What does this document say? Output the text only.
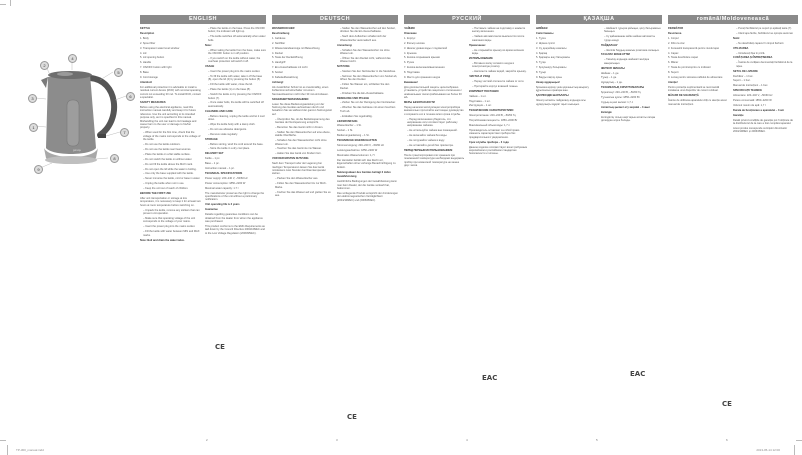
gorenje
1
2
3
4
5
6
7
8
9
ENGLISH

KETTLE

Description

1. Body

2. Spout filter

3. Transparent water level window

4. Lid

5. Lid opening button

6. Handle

7. ON/OFF button with light

8. Base

9. Cord storage

Attention!

For additional protection it is advisable to install a residual current device (RCD) with nominal operating current not exceeding 30 mA. To install RCD, contact a specialist.

SAFETY MEASURES

Before using the electrical appliance, read this instruction manual carefully and keep it for future reference. Use the unit according to its intended purpose only, as it is specified in this manual. Mishandling the unit can lead to its breakage and cause harm to the user or damage to his/her property.

– When used for the first time, check that the voltage of the mains corresponds to the voltage of the kettle.

– Do not use the kettle outdoors.

– Do not use the kettle near heat sources.

– Place the kettle on a flat stable surface.

– Do not switch the kettle on without water.

– Do not fill the kettle above the MAX mark.

– Do not open the lid while the water is boiling.

– Use only the base supplied with the kettle.

– Never immerse the kettle, cord or base in water.

– Unplug the kettle when not in use.

– Keep the unit out of reach of children.

BEFORE THE FIRST USE

After unit transportation or storage at low temperature, it is necessary to keep it for at least two hours at room temperature before switching on.

– Unpack the kettle, remove any stickers that can prevent unit operation.

– Make sure that operating voltage of the unit corresponds to the voltage of your mains.

– Insert the power plug into the mains socket.

– Fill the kettle with water between MIN and MAX marks.

Note: Boil and drain the water twice.

– Place the kettle on the base. Press the ON/OFF button; the indicator will light up.

– The kettle switches off automatically when water boils.

Note:

– When taking the kettle from the base, make sure the ON/OFF button is in off position.

– If you switch on the kettle without water, the overheat protection will switch it off.

USAGE

– Insert the power plug into the mains socket.

– To fill the kettle with water, take it off the base (8), open the lid (4) by pressing the button (5).

– Fill the kettle with water, close the lid.

– Place the kettle (1) on the base (8).

– Switch the kettle on by pressing the ON/OFF button (7).

– Once water boils, the kettle will be switched off automatically.

CLEANING AND CARE

– Before cleaning, unplug the kettle and let it cool down.

– Wipe the kettle body with a damp cloth.

– Do not use abrasive detergents.

– Remove scale regularly.

STORAGE

– Before storing, wind the cord around the base.

– Store the kettle in a dry cool place.

DELIVERY SET

Kettle – 1 pc.

Base – 1 pc.

Instruction manual – 1 pc.

TECHNICAL SPECIFICATIONS

Power supply: 220–240 V, ~50/60 Hz

Power consumption: 1850–2200 W

Maximal water capacity: 1.7 l

The manufacturer preserves the right to change the specifications of the unit without a preliminary notification.

Unit operating life is 3 years

Guarantee

Details regarding guarantee conditions can be obtained from the dealer from whom the appliance was purchased.

This product conforms to the EMC-Requirements as laid down by the Council Directive 2004/108/EC and to the Low Voltage Regulation (2006/95/EC).

DEUTSCH

WASSERKOCHER

Beschreibung

1. Gehäuse

2. Netzfilter

3. Wasserstandsanzeige mit Beleuchtung

4. Deckel

5. Taste der Deckelöffnung

6. Handgriff

7. Ein-/Ausschalttaste mit Licht

8. Sockel

9. Kabelaufbewahrung

Achtung!

Als zusätzlicher Schutz ist es zweckmäßig, einen Fehlerstromschutzschalter mit einem Nennauslösestrom nicht über 30 mA einzubauen.

SICHERHEITSMASSNAHMEN

Lesen Sie diese Bedienungsanleitung vor der Nutzung des Gerätes aufmerksam durch und bewahren Sie sie während der ganzen Nutzungszeit auf.

– Überprüfen Sie, ob die Betriebsspannung des Gerätes der Netzspannung entspricht.

– Benutzen Sie das Gerät nicht im Freien.

– Stellen Sie den Wasserkocher auf eine ebene, stabile Oberfläche.

– Schalten Sie den Wasserkocher nicht ohne Wasser ein.

– Tauchen Sie das Gerät nie ins Wasser.

– Halten Sie das Gerät von Kindern fern.

VOR DER ERSTEN NUTZUNG

Nach dem Transport oder der Lagerung bei niedrigen Temperaturen lassen Sie das Gerät mindestens zwei Stunden bei Raumtemperatur stehen.

– Packen Sie den Wasserkocher aus.

– Füllen Sie den Wasserkocher bis zur MAX-Marke.

– Kochen Sie das Wasser auf und gießen Sie es aus.

– Stellen Sie den Wasserkocher auf den Sockel, drücken Sie die Ein-/Ausschalttaste.

– Nach dem Aufkochen schaltet sich der Wasserkocher automatisch aus.

Anmerkung:

– Schalten Sie den Wasserkocher nie ohne Wasser ein.

– Öffnen Sie den Deckel nicht, während das Wasser kocht.

NUTZUNG

– Stecken Sie den Netzstecker in die Steckdose.

– Nehmen Sie den Wasserkocher vom Sockel ab, öffnen Sie den Deckel.

– Füllen Sie Wasser ein, schließen Sie den Deckel.

– Drücken Sie die Ein-/Ausschalttaste.

REINIGUNG UND PFLEGE

– Ziehen Sie vor der Reinigung den Netzstecker.

– Wischen Sie das Gehäuse mit einem feuchten Tuch ab.

– Entkalken Sie regelmäßig.

LIEFERUMFANG

Wasserkocher – 1 St.

Sockel – 1 St.

Bedienungsanleitung – 1 St.

TECHNISCHE EIGENSCHAFTEN

Stromversorgung: 220–240 V, ~50/60 Hz

Leistungsaufnahme: 1850–2200 W

Maximales Wasservolumen: 1,7 l

Der Hersteller behält sich das Recht vor, Eigenschaften ohne vorherige Benachrichtigung zu ändern.

Nutzungsdauer des Gerätes beträgt 3 Jahre

Gewährleistung

Ausführliche Bedingungen der Gewährleistung kann man beim Dealer, der die Geräte verkauft hat, bekommen.

Das vorliegende Produkt entspricht den Forderungen der elektromagnetischen Verträglichkeit (2004/108/EC) und (2006/95/EC).

РУССКИЙ

ЧАЙНИК

Описание

1. Корпус

2. Фильтр носика

3. Шкала уровня воды с подсветкой

4. Крышка

5. Кнопка открывания крышки

6. Ручка

7. Кнопка включения/выключения

8. Подставка

9. Место для хранения шнура

Внимание!

Для дополнительной защиты целесообразно установить устройство защитного отключения с номинальным током срабатывания не более 30 мА.

МЕРЫ БЕЗОПАСНОСТИ

Перед началом эксплуатации электроприбора внимательно прочитайте настоящее руководство и сохраните его в течение всего срока службы.

– Перед включением убедитесь, что напряжение сети соответствует рабочему напряжению чайника.

– Не используйте чайник вне помещений.

– Не включайте чайник без воды.

– Не погружайте чайник в воду.

– Не оставляйте детей без присмотра.

ПЕРЕД ПЕРВЫМ ИСПОЛЬЗОВАНИЕМ

После транспортировки или хранения при пониженной температуре необходимо выдержать прибор при комнатной температуре не менее двух часов.

– Поставьте чайник на подставку и нажмите кнопку включения.

– Чайник автоматически выключится после закипания воды.

Примечание:

– Не открывайте крышку во время кипения воды.

ИСПОЛЬЗОВАНИЕ

– Вставьте вилку сетевого шнура в электрическую розетку.

– Наполните чайник водой, закройте крышку.

ЧИСТКА И УХОД

– Перед чисткой отключите чайник от сети.

– Протирайте корпус влажной тканью.

КОМПЛЕКТ ПОСТАВКИ

Чайник – 1 шт.

Подставка – 1 шт.

Инструкция – 1 шт.

ТЕХНИЧЕСКИЕ ХАРАКТЕРИСТИКИ

Электропитание: 220–240 В, ~50/60 Гц

Потребляемая мощность: 1850–2200 Вт

Максимальный объем воды: 1,7 л

Производитель оставляет за собой право изменять характеристики прибора без предварительного уведомления.

Срок службы прибора – 3 года

Данное изделие соответствует всем требуемым европейским и российским стандартам безопасности и гигиены.

ҚАЗАҚША

ШӘЙНЕК

Сипаттамасы

1. Тұлға

2. Шүмек сүзгісі

3. Су деңгейінің шкаласы

4. Қақпақ

5. Қақпақты ашу батырмасы

6. Тұтқа

7. Қосу/өшіру батырмасы

8. Тұғыр

9. Бауды сақтау орны

Назар аударыңыз!

Қосымша қорғау үшін қорғаныстық ажырату құрылғысын орнатқан жөн.

ҚАУІПСІЗДІК ШАРАЛАРЫ

Электр аспапты пайдалану алдында осы нұсқаулықты мұқият оқып шығыңыз.

– Шәйнекті тұғырға қойыңыз, қосу батырмасын басыңыз.

– Су қайнағаннан кейін шәйнек автоматты түрде өшеді.

ПАЙДАЛАНУ

– Желілік баудың ашасын розеткаға салыңыз.

ТАЗАЛАУ ЖӘНЕ КҮТІМ

– Тазалау алдында шәйнекті желіден ажыратыңыз.

ЖЕТКІЗУ ЖИНАҒЫ

Шәйнек – 1 дн.

Тұғыр – 1 дн.

Нұсқаулық – 1 дн.

ТЕХНИКАЛЫҚ СИПАТТАМАЛАРЫ

Қоректенуі: 220–240 В, ~50/60 Гц

Тұтынатын қуаты: 1850–2200 Вт

Судың ең көп көлемі: 1,7 л

Аспаптың қызмет ету мерзімі – 3 жыл

Кепілдік

Кепілдіктің толық шарттарын аспапты сатқан дилерден алуға болады.

română/Moldovenească

FIERBĂTOR

Descrierea

1. Corpul

2. Filtru la cioc

3. Fereastră transparentă pentru nivelul apei

4. Capac

5. Tasta deschidere capac

6. Mâner

7. Tasta de pornire/oprire cu indicator

8. Suport

9. Locaș pentru stocarea cablului de alimentare

Atenție!

Pentru protecție suplimentară se recomandă instalarea unui dispozitiv de curent rezidual.

MĂSURI DE SIGURANȚĂ

Înainte de utilizarea aparatului citiți cu atenție acest manual de instrucțiuni.

– Puneți fierbătorul pe suport și apăsați tasta (7).

– Când apa fierbe, fierbătorul se oprește automat.

Notă:

– Nu deschideți capacul în timpul fierberii.

UTILIZAREA

– Introduceți fișa în priză.

CURĂȚAREA ȘI ÎNTREȚINEREA

– Înainte de curățare deconectați fierbătorul de la rețea.

SETUL DE LIVRARE

Fierbător – 1 buc.

Suport – 1 buc.

Manual de instrucțiuni – 1 buc.

SPECIFICAȚII TEHNICE

Alimentare: 220–240 V, ~50/60 Hz

Putere consumată: 1850–2200 W

Volumul maxim de apă: 1,7 l

Durata de funcționare a aparatului – 3 ani

Garanție

Detalii privind condițiile de garanție pot fi obținute de la distribuitorul de la care a fost cumpărat aparatul.

Acest produs corespunde cerințelor directivelor 2004/108/EC și 2006/95/EC.

CE
CE
EAC	EAC
CE
2	3	4	5	6
TP-300_manual.indd	2013-05-14 12:00
